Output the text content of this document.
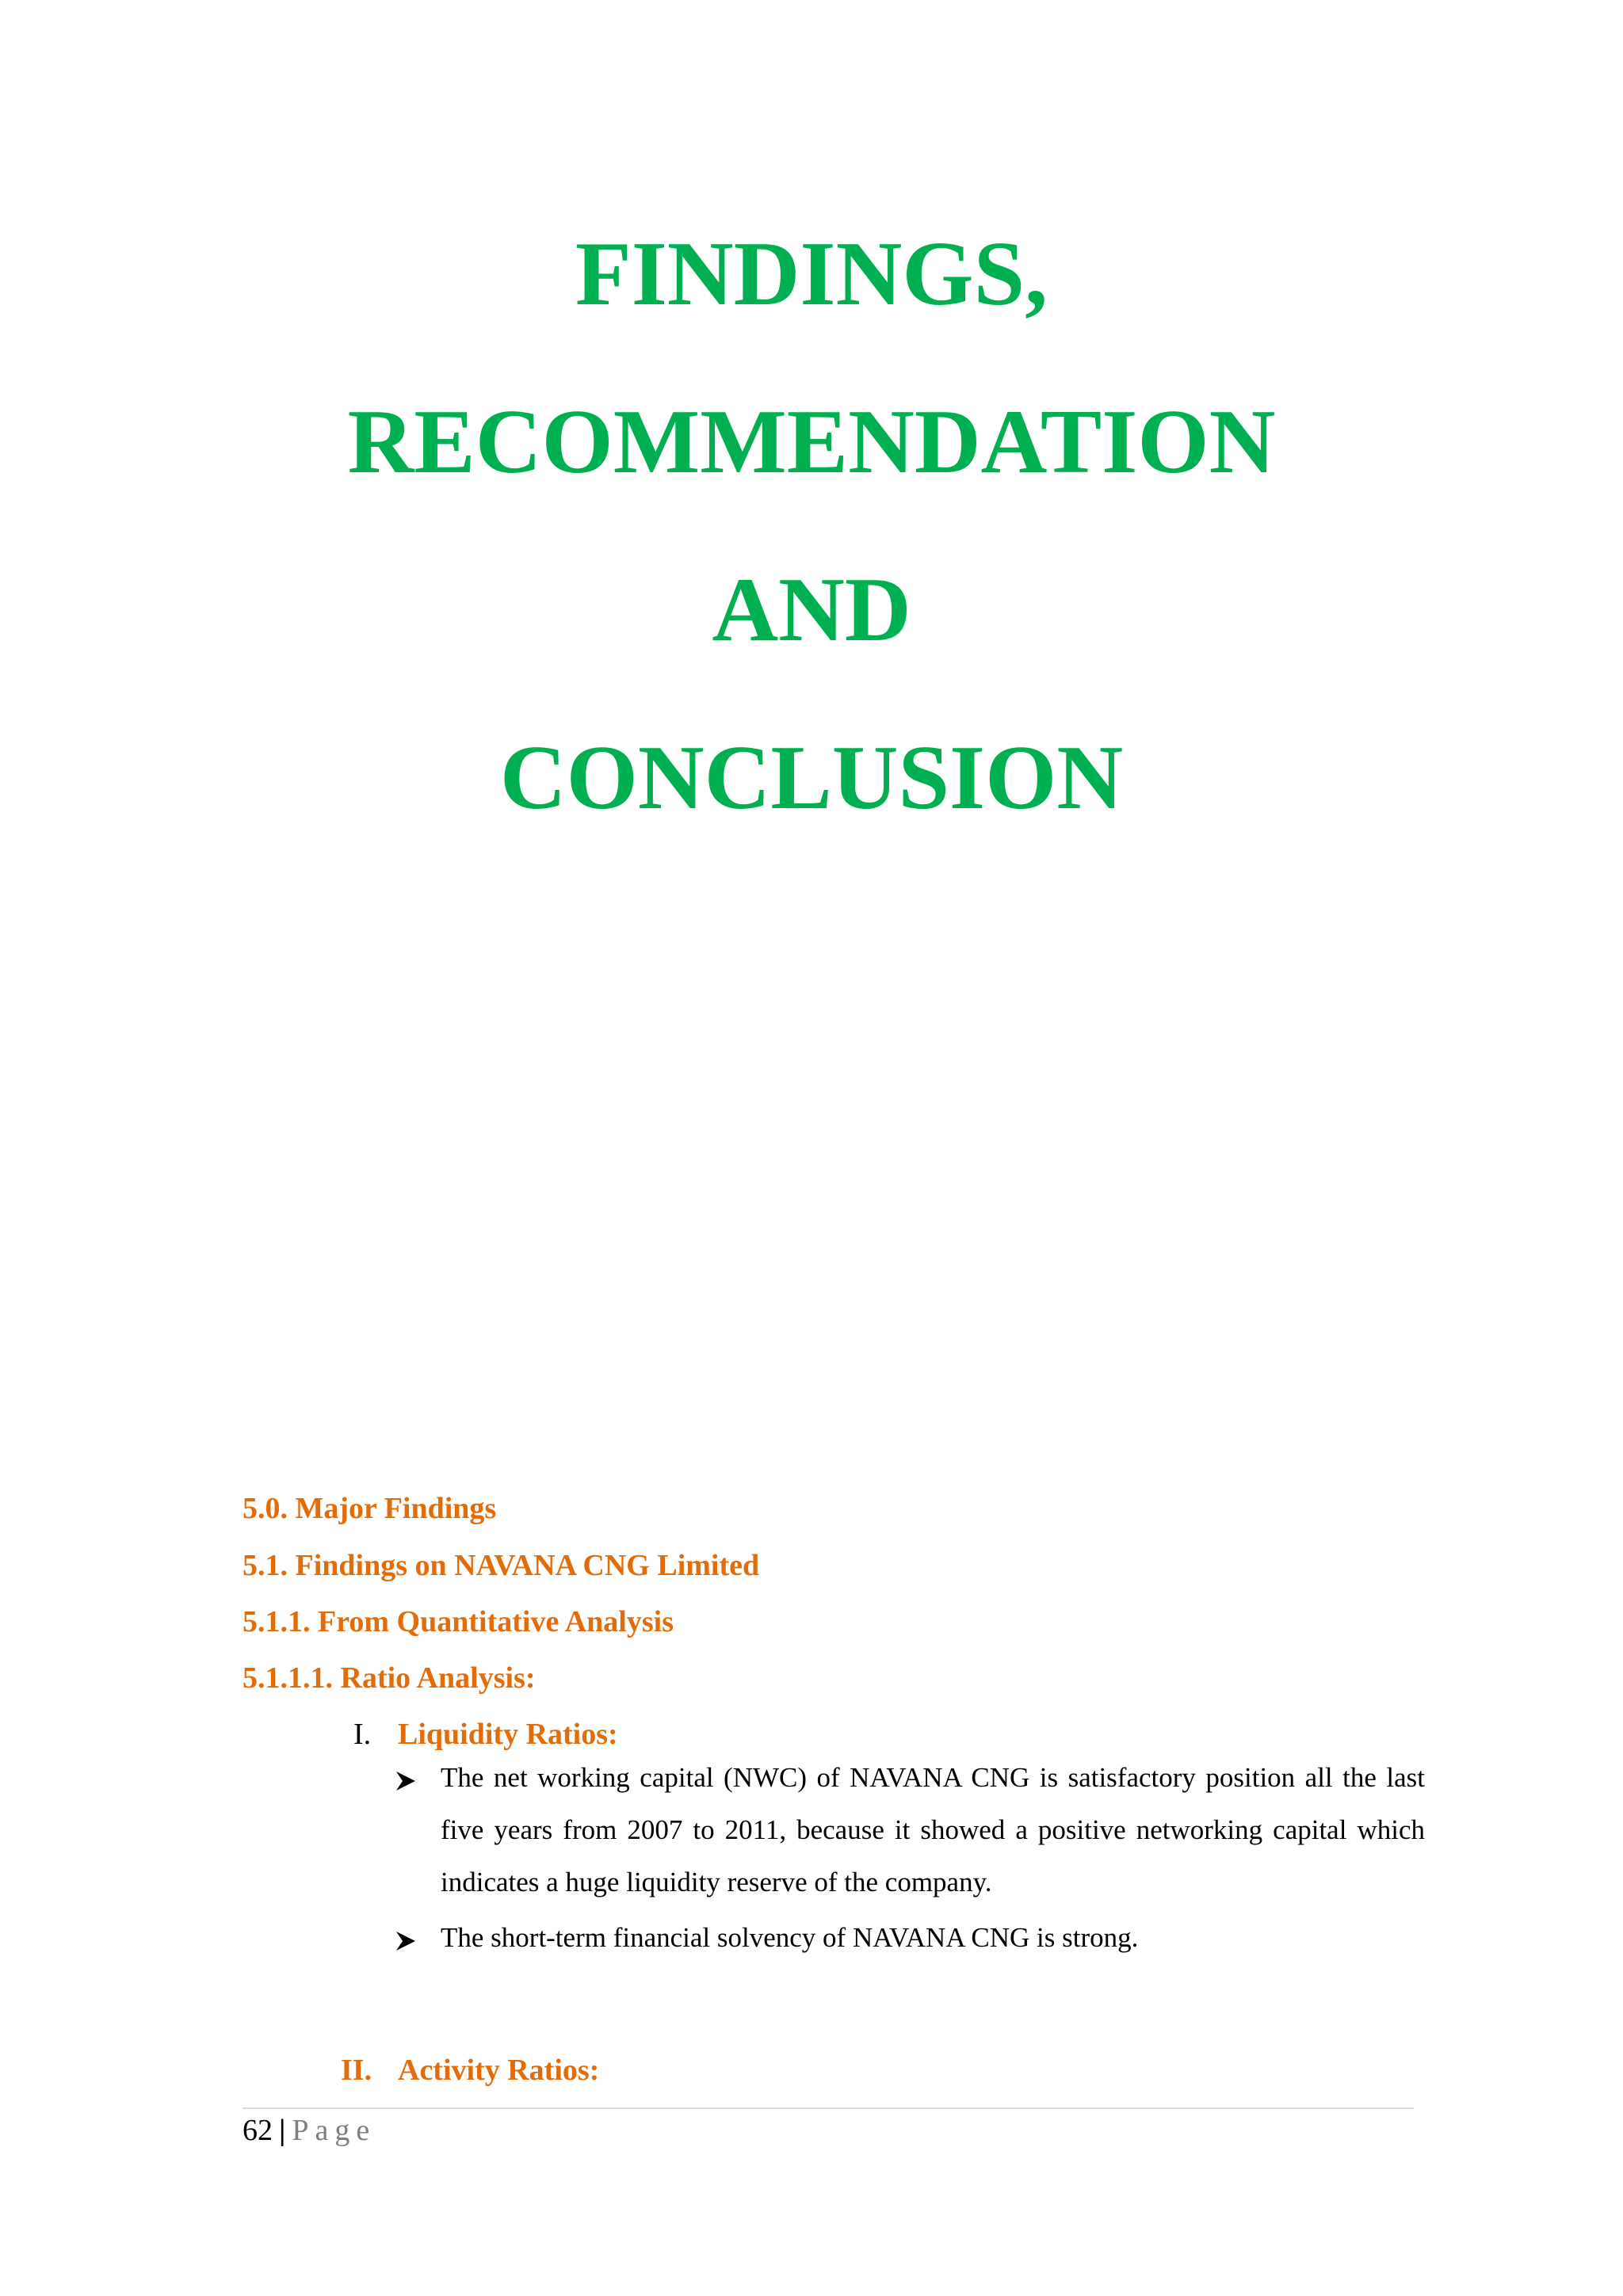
FINDINGS,
RECOMMENDATION
AND
CONCLUSION
5.0. Major Findings
5.1. Findings on NAVANA CNG Limited
5.1.1. From Quantitative Analysis
5.1.1.1. Ratio Analysis:
I. Liquidity Ratios:
The net working capital (NWC) of NAVANA CNG is satisfactory position all the last five years from 2007 to 2011, because it showed a positive networking capital which indicates a huge liquidity reserve of the company.
The short-term financial solvency of NAVANA CNG is strong.
II. Activity Ratios:
62 | Page
